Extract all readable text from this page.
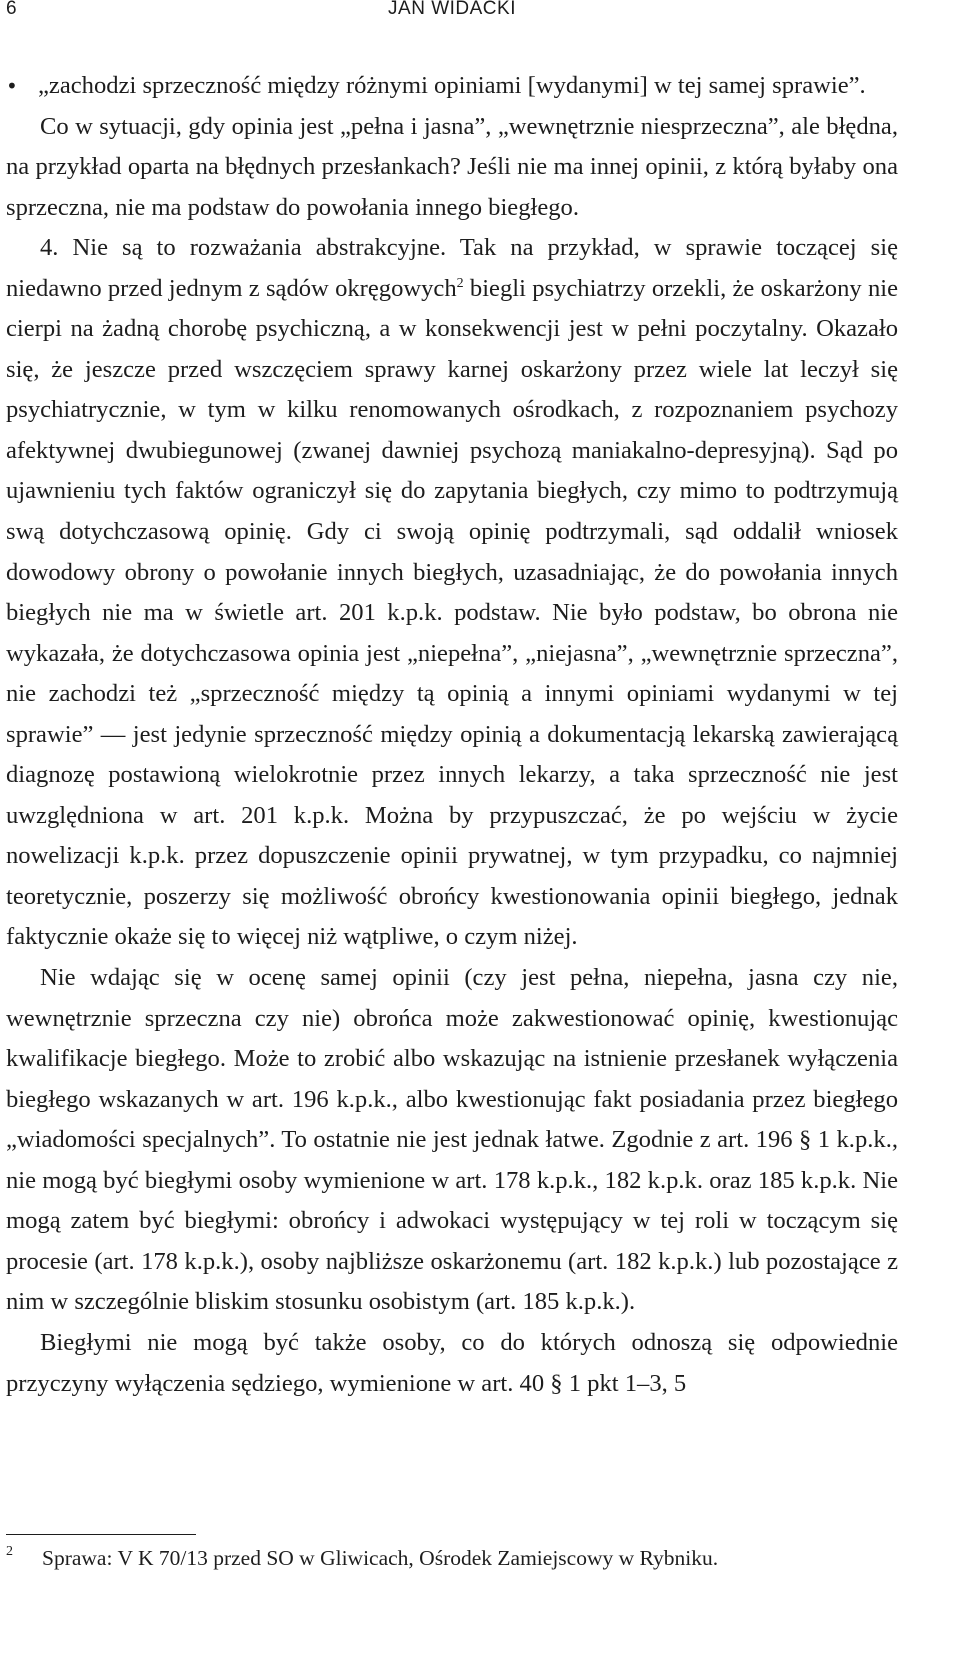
6	JAN WIDACKI

• „zachodzi sprzeczność między różnymi opiniami [wydanymi] w tej samej sprawie”.

Co w sytuacji, gdy opinia jest „pełna i jasna”, „wewnętrznie niesprzeczna”, ale błędna, na przykład oparta na błędnych przesłankach? Jeśli nie ma innej opinii, z którą byłaby ona sprzeczna, nie ma podstaw do powołania innego biegłego.

4. Nie są to rozważania abstrakcyjne. Tak na przykład, w sprawie toczącej się niedawno przed jednym z sądów okręgowych$^2$ biegli psychiatrzy orzekli, że oskarżony nie cierpi na żadną chorobę psychiczną, a w konsekwencji jest w pełni poczytalny. Okazało się, że jeszcze przed wszczęciem sprawy karnej oskarżony przez wiele lat leczył się psychiatrycznie, w tym w kilku renomowanych ośrodkach, z rozpoznaniem psychozy afektywnej dwubiegunowej (zwanej dawniej psychozą maniakalno-depresyjną). Sąd po ujawnieniu tych faktów ograniczył się do zapytania biegłych, czy mimo to podtrzymują swą dotychczasową opinię. Gdy ci swoją opinię podtrzymali, sąd oddalił wniosek dowodowy obrony o powołanie innych biegłych, uzasadniając, że do powołania innych biegłych nie ma w świetle art. 201 k.p.k. podstaw. Nie było podstaw, bo obrona nie wykazała, że dotychczasowa opinia jest „niepełna”, „niejasna”, „wewnętrznie sprzeczna”, nie zachodzi też „sprzeczność między tą opinią a innymi opiniami wydanymi w tej sprawie” — jest jedynie sprzeczność między opinią a dokumentacją lekarską zawierającą diagnozę postawioną wielokrotnie przez innych lekarzy, a taka sprzeczność nie jest uwzględniona w art. 201 k.p.k. Można by przypuszczać, że po wejściu w życie nowelizacji k.p.k. przez dopuszczenie opinii prywatnej, w tym przypadku, co najmniej teoretycznie, poszerzy się możliwość obrońcy kwestionowania opinii biegłego, jednak faktycznie okaże się to więcej niż wątpliwe, o czym niżej.

Nie wdając się w ocenę samej opinii (czy jest pełna, niepełna, jasna czy nie, wewnętrznie sprzeczna czy nie) obrońca może zakwestionować opinię, kwestionując kwalifikacje biegłego. Może to zrobić albo wskazując na istnienie przesłanek wyłączenia biegłego wskazanych w art. 196 k.p.k., albo kwestionując fakt posiadania przez biegłego „wiadomości specjalnych”. To ostatnie nie jest jednak łatwe. Zgodnie z art. 196 § 1 k.p.k., nie mogą być biegłymi osoby wymienione w art. 178 k.p.k., 182 k.p.k. oraz 185 k.p.k. Nie mogą zatem być biegłymi: obrońcy i adwokaci występujący w tej roli w toczącym się procesie (art. 178 k.p.k.), osoby najbliższe oskarżonemu (art. 182 k.p.k.) lub pozostające z nim w szczególnie bliskim stosunku osobistym (art. 185 k.p.k.).

Biegłymi nie mogą być także osoby, co do których odnoszą się odpowiednie przyczyny wyłączenia sędziego, wymienione w art. 40 § 1 pkt 1–3, 5

2 Sprawa: V K 70/13 przed SO w Gliwicach, Ośrodek Zamiejscowy w Rybniku.
